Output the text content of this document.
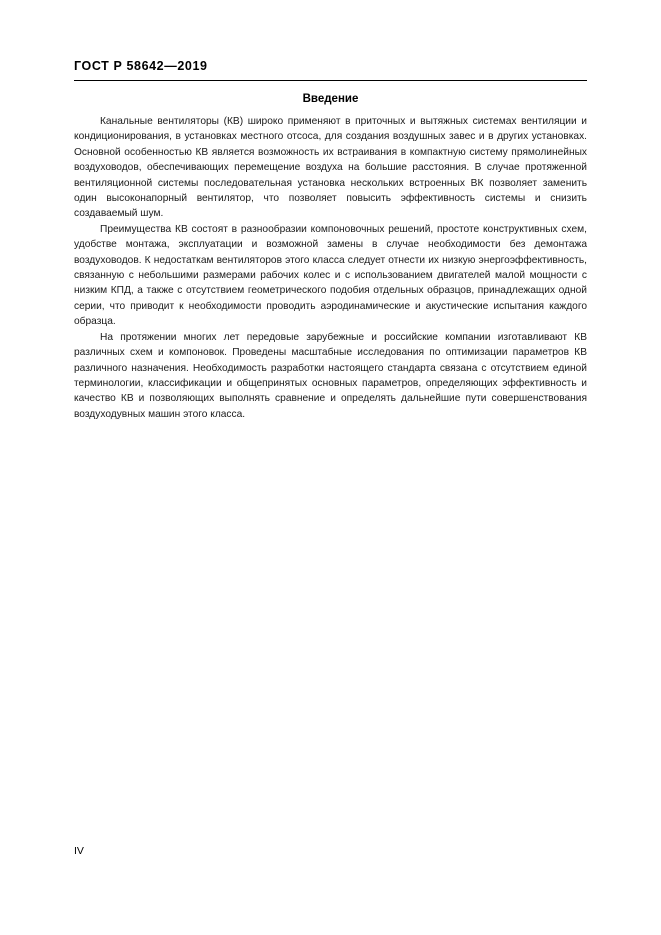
ГОСТ Р 58642—2019
Введение

Канальные вентиляторы (КВ) широко применяют в приточных и вытяжных системах вентиляции и кондиционирования, в установках местного отсоса, для создания воздушных завес и в других установках. Основной особенностью КВ является возможность их встраивания в компактную систему прямолинейных воздуховодов, обеспечивающих перемещение воздуха на большие расстояния. В случае протяженной вентиляционной системы последовательная установка нескольких встроенных ВК позволяет заменить один высоконапорный вентилятор, что позволяет повысить эффективность системы и снизить создаваемый шум.

Преимущества КВ состоят в разнообразии компоновочных решений, простоте конструктивных схем, удобстве монтажа, эксплуатации и возможной замены в случае необходимости без демонтажа воздуховодов. К недостаткам вентиляторов этого класса следует отнести их низкую энергоэффективность, связанную с небольшими размерами рабочих колес и с использованием двигателей малой мощности с низким КПД, а также с отсутствием геометрического подобия отдельных образцов, принадлежащих одной серии, что приводит к необходимости проводить аэродинамические и акустические испытания каждого образца.

На протяжении многих лет передовые зарубежные и российские компании изготавливают КВ различных схем и компоновок. Проведены масштабные исследования по оптимизации параметров КВ различного назначения. Необходимость разработки настоящего стандарта связана с отсутствием единой терминологии, классификации и общепринятых основных параметров, определяющих эффективность и качество КВ и позволяющих выполнять сравнение и определять дальнейшие пути совершенствования воздуходувных машин этого класса.

IV
